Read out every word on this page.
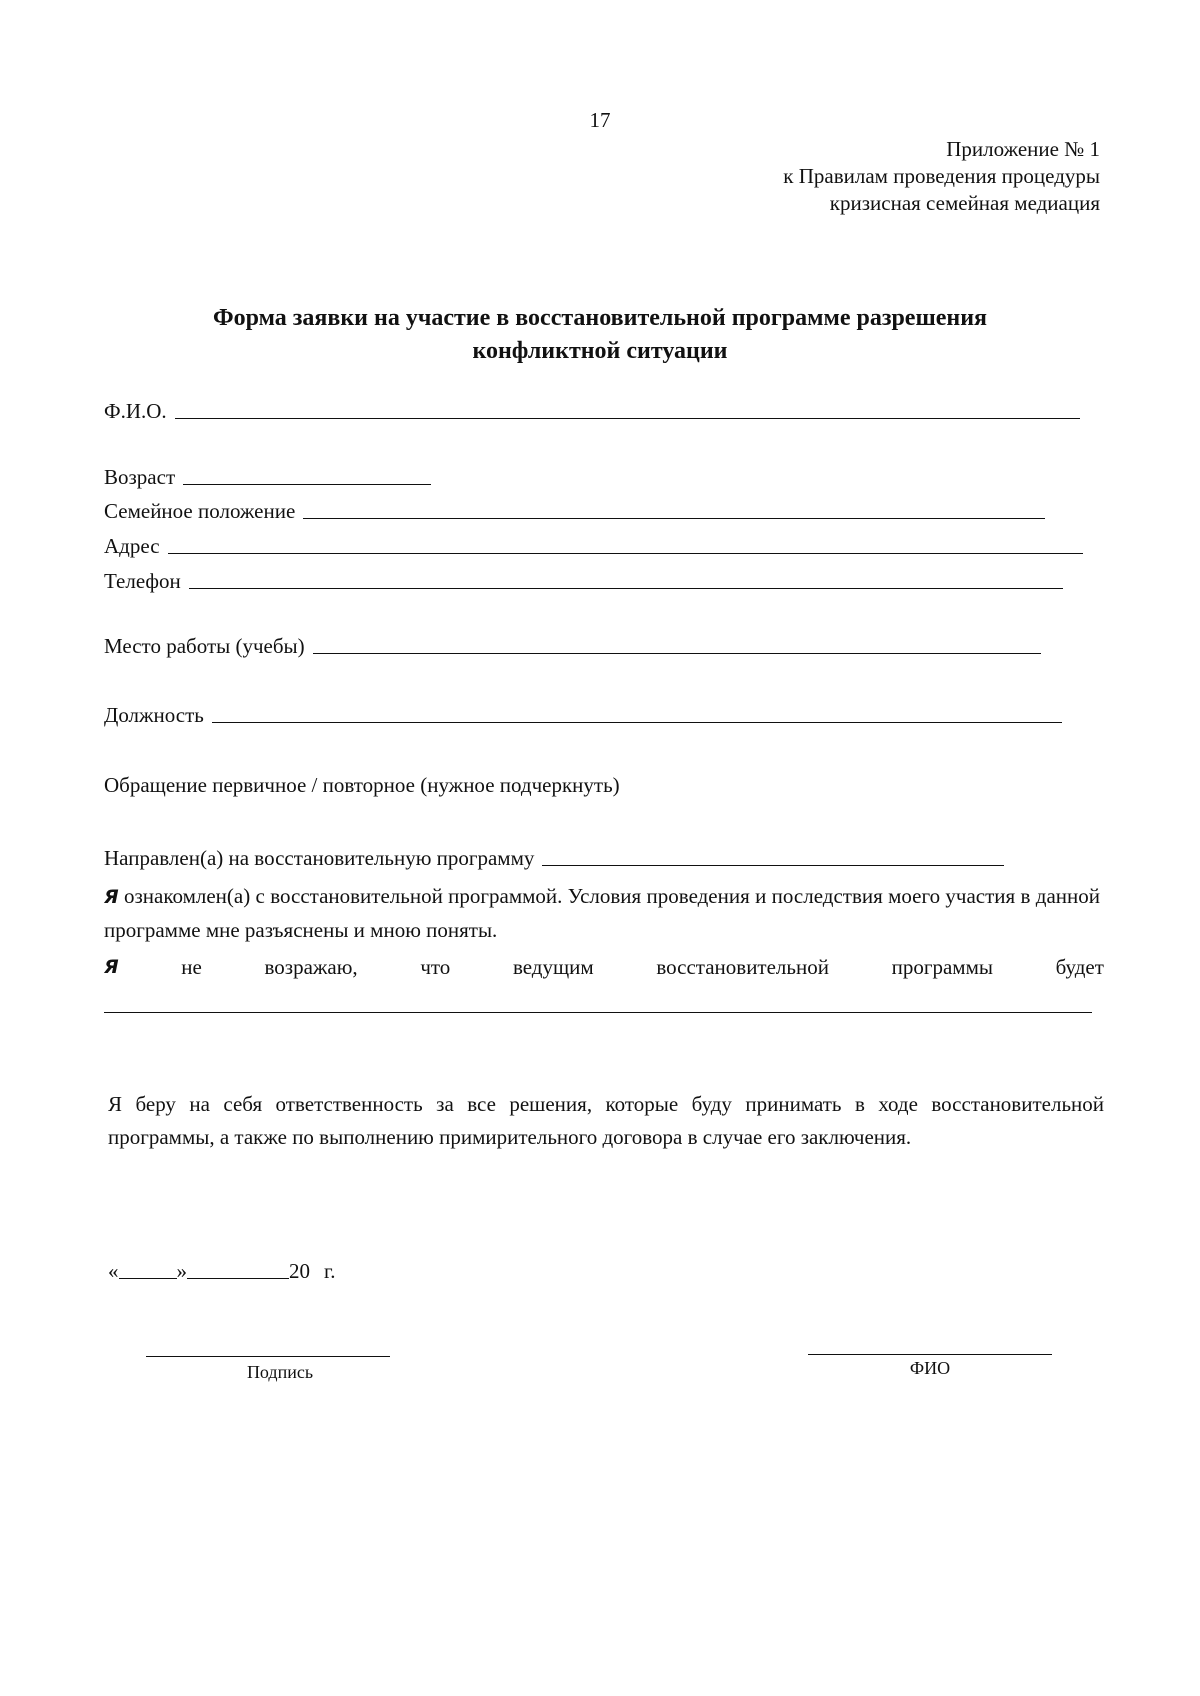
17
Приложение № 1
к Правилам проведения процедуры
кризисная семейная медиация
Форма заявки на участие в восстановительной программе разрешения
конфликтной ситуации
Ф.И.О.
Возраст
Семейное положение
Адрес
Телефон
Место работы (учебы)
Должность
Обращение первичное / повторное (нужное подчеркнуть)
Направлен(а) на восстановительную программу
Я ознакомлен(а) с восстановительной программой. Условия проведения и последствия моего участия в данной программе мне разъяснены и мною поняты.
Я	не	возражаю,	что	ведущим	восстановительной	программы	будет
Я беру на себя ответственность за все решения, которые буду принимать в ходе восстановительной программы, а также по выполнению примирительного договора в случае его заключения.
«	»	20 г.
Подпись	ФИО
